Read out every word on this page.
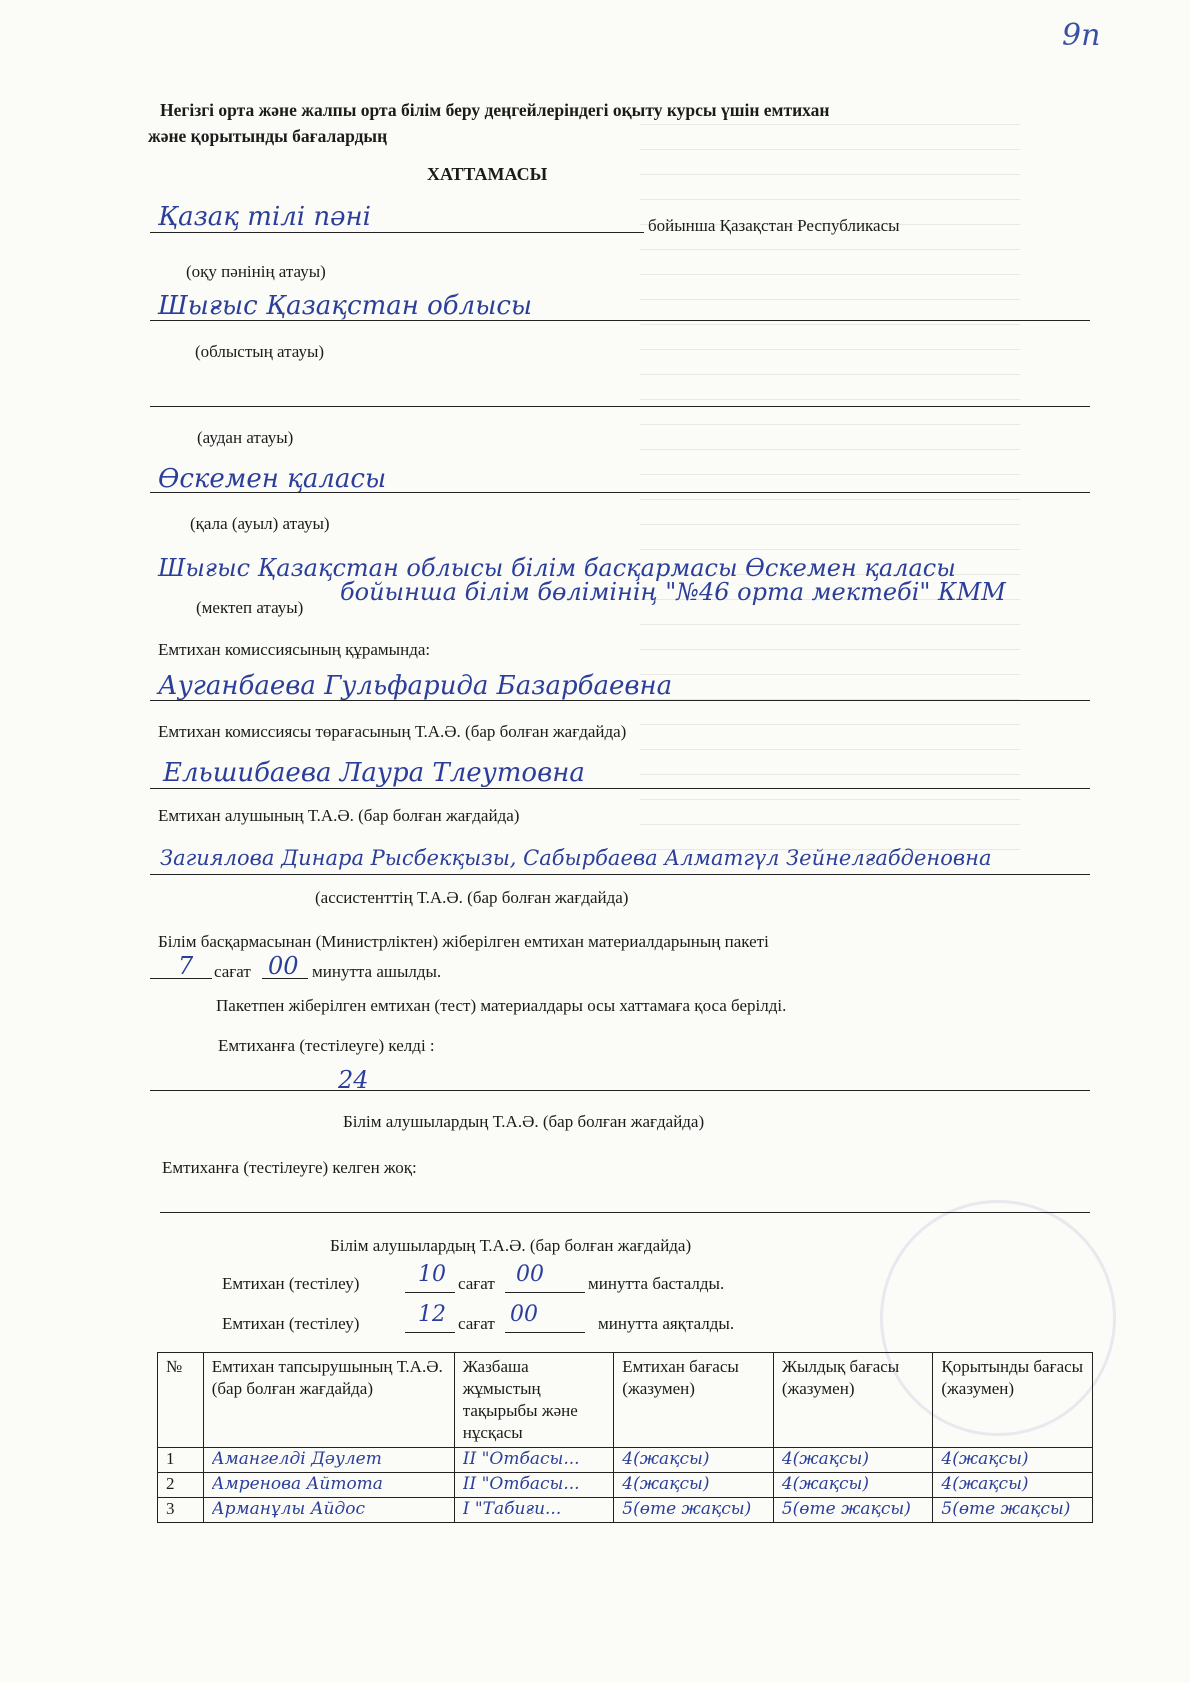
9п
Негізгі орта және жалпы орта білім беру деңгейлеріндегі оқыту курсы үшін емтихан
және қорытынды бағалардың
ХАТТАМАСЫ
Қазақ тілі пәні	бойынша Қазақстан Республикасы
(оқу пәнінің атауы)
Шығыс Қазақстан облысы
(облыстың атауы)
(аудан атауы)
Өскемен қаласы
(қала (ауыл) атауы)
Шығыс Қазақстан облысы білім басқармасы Өскемен қаласы
бойынша білім бөлімінің "№46 орта мектебі" КММ
(мектеп атауы)
Емтихан комиссиясының құрамында:
Ауганбаева Гульфарида Базарбаевна
Емтихан комиссиясы төрағасының Т.А.Ә. (бар болған жағдайда)
Ельшибаева Лаура Тлеутовна
Емтихан алушының Т.А.Ә. (бар болған жағдайда)
Загиялова Динара Рысбекқызы, Сабырбаева Алматгүл Зейнелғабденовна
(ассистенттің Т.А.Ә. (бар болған жағдайда)
Білім басқармасынан (Министрліктен) жіберілген емтихан материалдарының пакеті
7 сағат 00 минутта ашылды.
Пакетпен жіберілген емтихан (тест) материалдары осы хаттамаға қоса берілді.
Емтиханға (тестілеуге) келді :
24
Білім алушылардың Т.А.Ә. (бар болған жағдайда)
Емтиханға (тестілеуге) келген жоқ:
Білім алушылардың Т.А.Ә. (бар болған жағдайда)
Емтихан (тестілеу)	10 сағат 00	минутта басталды.
Емтихан (тестілеу)	12 сағат 00	минутта аяқталды.
№	Емтихан тапсырушының Т.А.Ә. (бар болған жағдайда)	Жазбаша жұмыстың тақырыбы және нұсқасы	Емтихан бағасы (жазумен)	Жылдық бағасы (жазумен)	Қорытынды бағасы (жазумен)
1	Амангелді Дәулет	ІІ "Отбасы...	4(жақсы)	4(жақсы)	4(жақсы)

2	Амренова Айтота	ІІ "Отбасы...	4(жақсы)	4(жақсы)	4(жақсы)

3	Арманұлы Айдос	І "Табиғи...	5(өте жақсы)	5(өте жақсы)	5(өте жақсы)
